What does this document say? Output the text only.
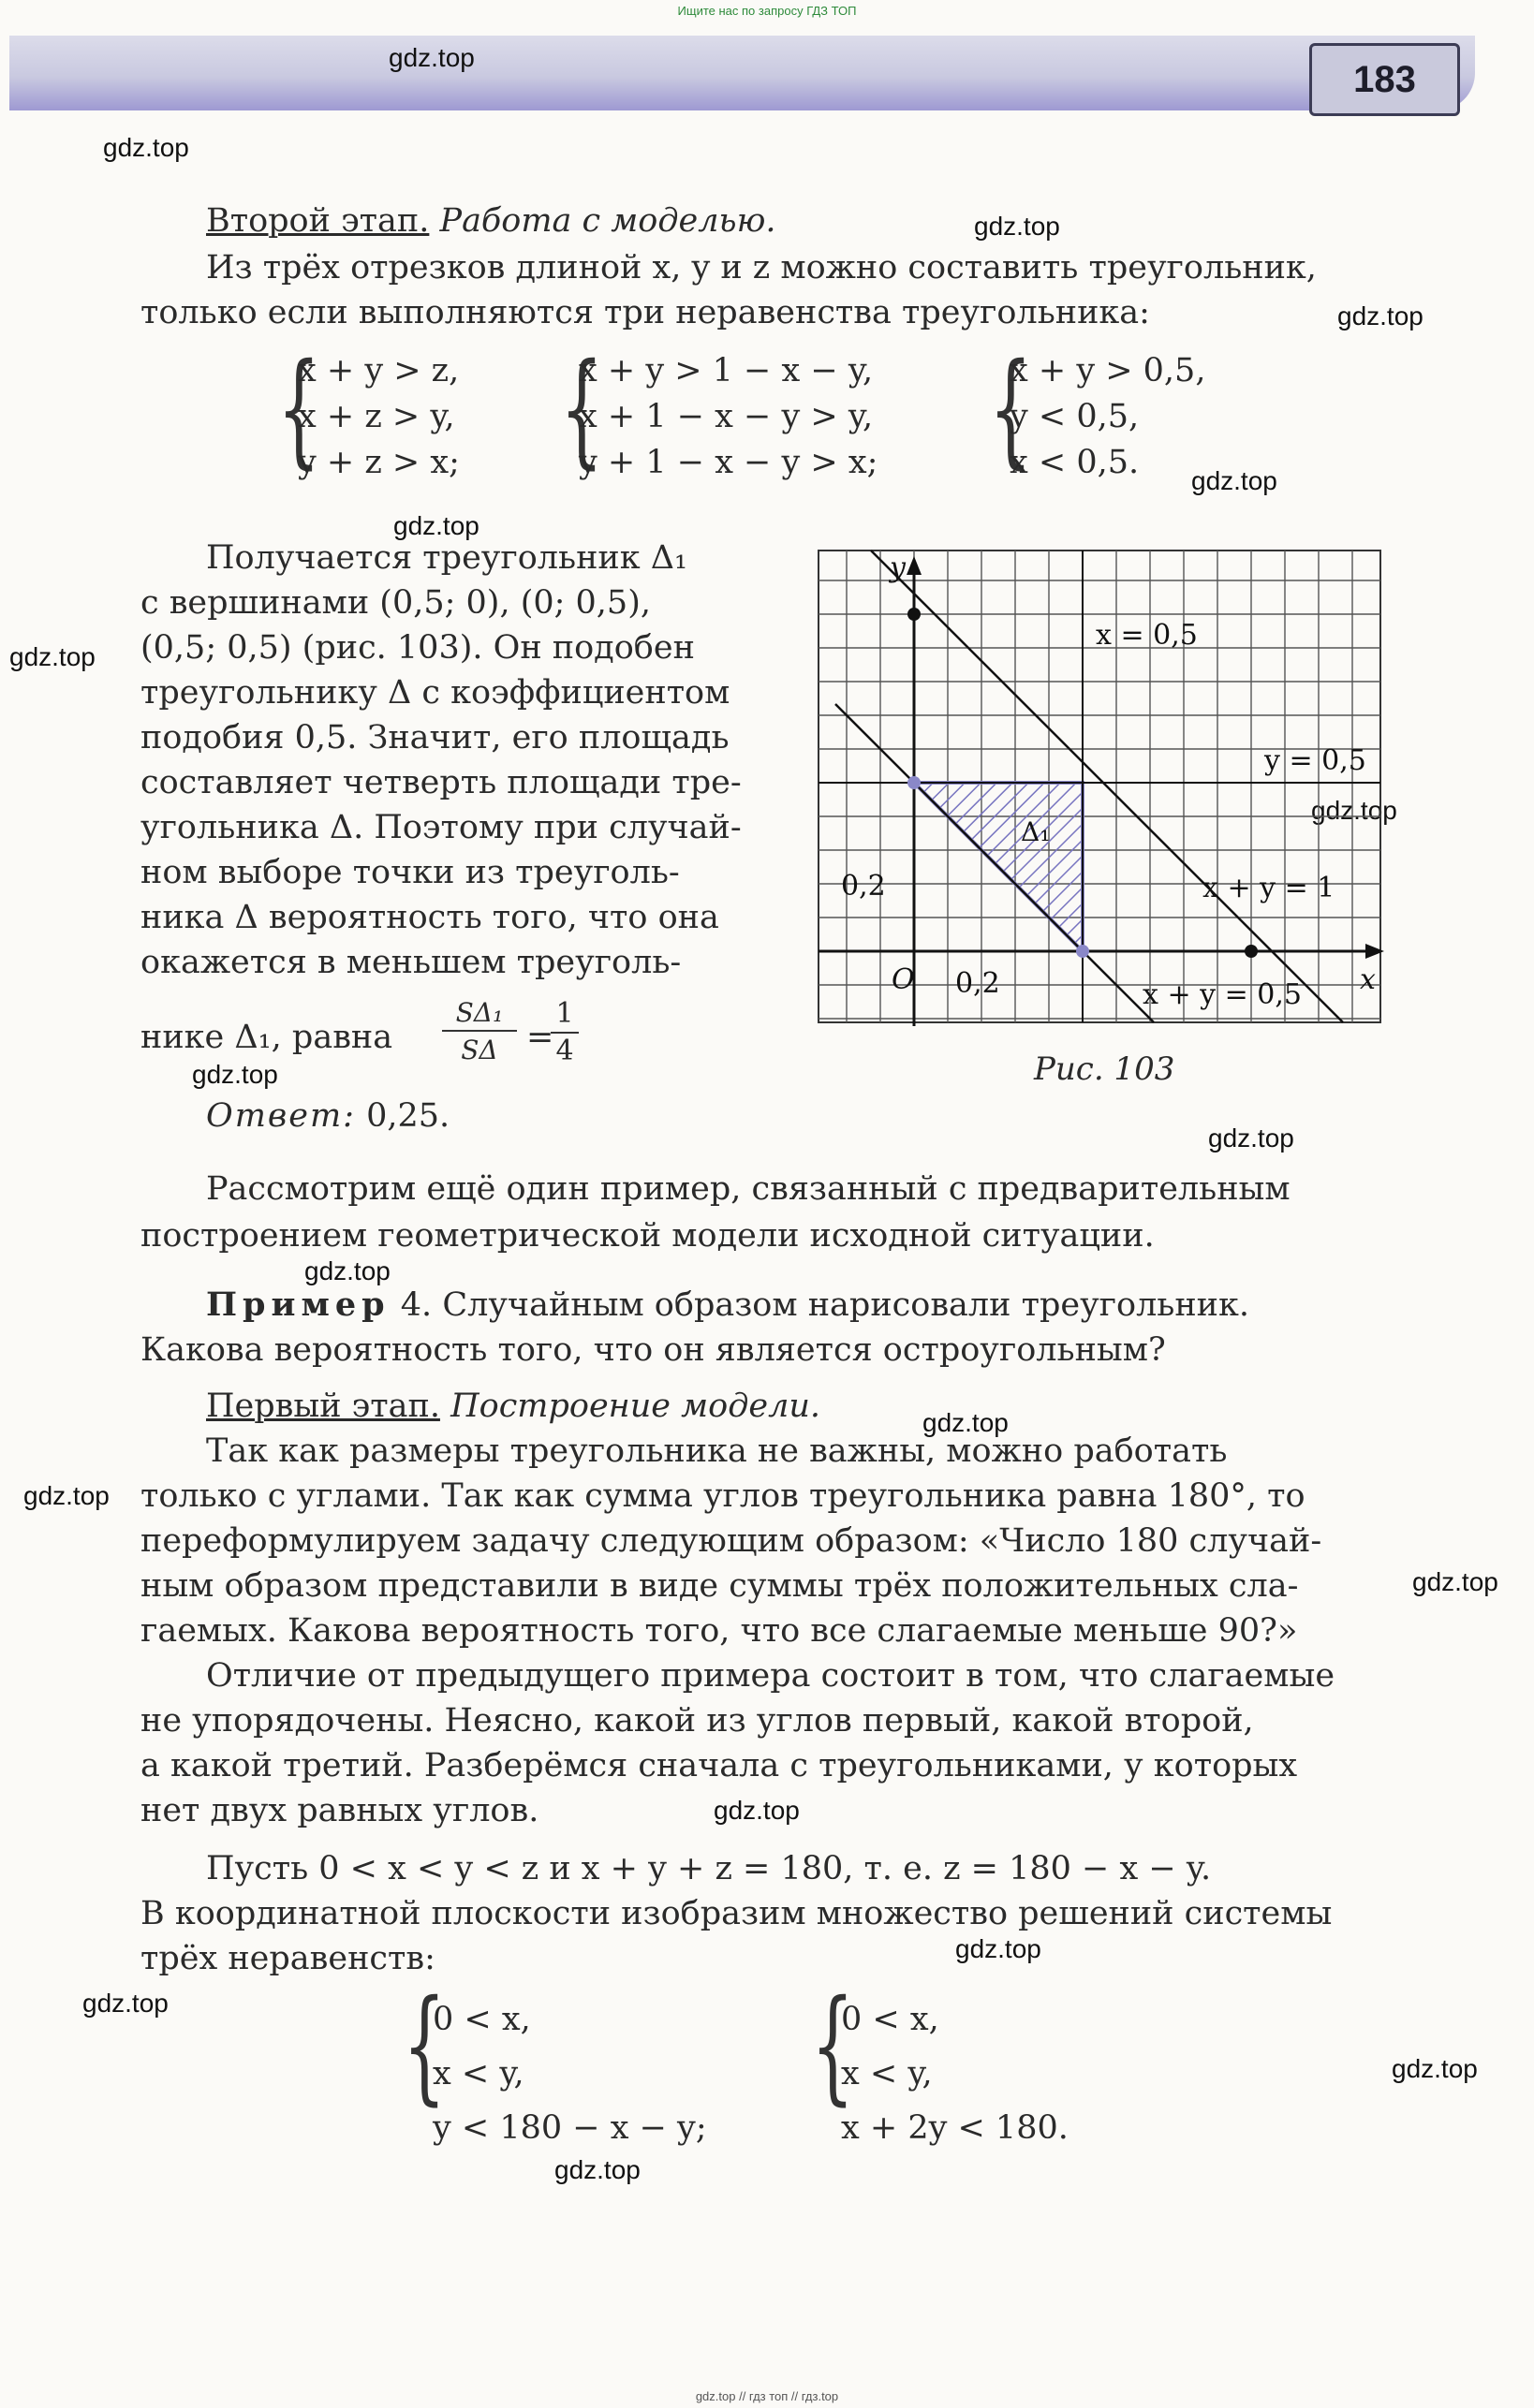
Ищите нас по запросу ГДЗ ТОП
183
gdz.top
gdz.top
gdz.top
gdz.top
gdz.top
gdz.top
gdz.top
gdz.top
gdz.top
gdz.top
gdz.top
gdz.top
gdz.top
gdz.top
gdz.top
gdz.top
gdz.top
gdz.top
gdz.top
Второй этап. Работа с моделью.
Из трёх отрезков длиной x, y и z можно составить треугольник,
только если выполняются три неравенства треугольника:
{
x + y > z,
x + z > y,
y + z > x; {
x + y > 1 − x − y,
x + 1 − x − y > y,
y + 1 − x − y > x; {
x + y > 0,5,
y < 0,5,
x < 0,5.
Получается треугольник Δ₁
с вершинами (0,5; 0), (0; 0,5),
(0,5; 0,5) (рис. 103). Он подобен
треугольнику Δ с коэффициентом
подобия 0,5. Значит, его площадь
составляет четверть площади тре-
угольника Δ. Поэтому при случай-
ном выборе точки из треуголь-
ника Δ вероятность того, что она
окажется в меньшем треуголь-
нике Δ₁, равна
SΔ₁
SΔ =
1
4
Ответ: 0,25.
y
x
O
0,2
0,2
x = 0,5
y = 0,5
x + y = 1
x + y = 0,5
Δ₁
Рис. 103
Рассмотрим ещё один пример, связанный с предварительным
построением геометрической модели исходной ситуации.
Пример 4. Случайным образом нарисовали треугольник.
Какова вероятность того, что он является остроугольным?
Первый этап. Построение модели.
Так как размеры треугольника не важны, можно работать
только с углами. Так как сумма углов треугольника равна 180°, то
переформулируем задачу следующим образом: «Число 180 случай-
ным образом представили в виде суммы трёх положительных сла-
гаемых. Какова вероятность того, что все слагаемые меньше 90?»
Отличие от предыдущего примера состоит в том, что слагаемые
не упорядочены. Неясно, какой из углов первый, какой второй,
а какой третий. Разберёмся сначала с треугольниками, у которых
нет двух равных углов.
Пусть 0 < x < y < z и x + y + z = 180, т. е. z = 180 − x − y.
В координатной плоскости изобразим множество решений системы
трёх неравенств:
{
0 < x,
x < y,
y < 180 − x − y;
{
0 < x,
x < y,
x + 2y < 180.
gdz.top // гдз топ // гдз.top
